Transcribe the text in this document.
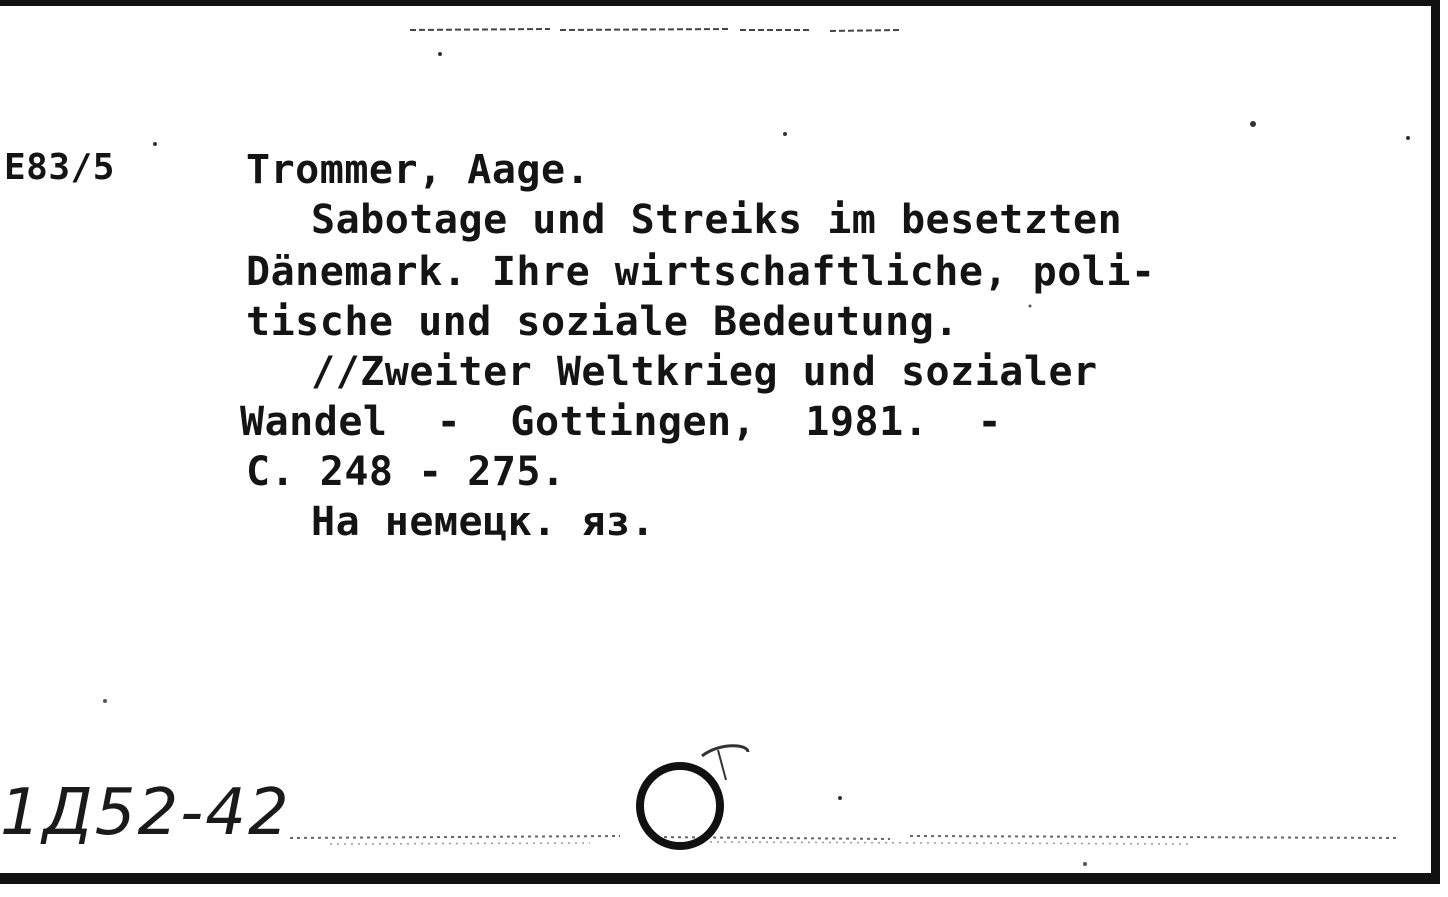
E83/5	Trommer, Aage.
Sabotage und Streiks im besetzten
Dänemark. Ihre wirtschaftliche, poli-
tische und soziale Bedeutung.
//Zweiter Weltkrieg und sozialer
Wandel  -  Gottingen,  1981.  -
C. 248 - 275.
На немецк. яз.
1Д52-42
